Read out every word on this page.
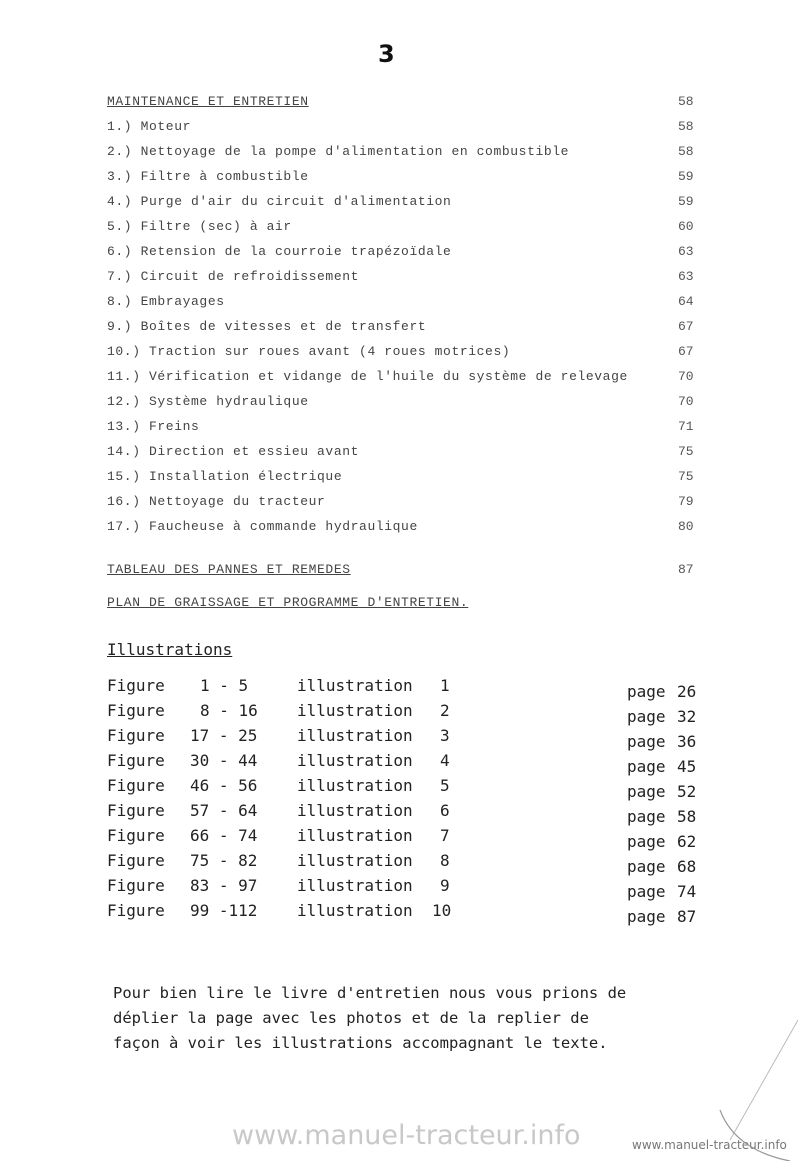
3
MAINTENANCE ET ENTRETIEN	58
1.) Moteur	58
2.) Nettoyage de la pompe d'alimentation en combustible	58
3.) Filtre à combustible	59
4.) Purge d'air du circuit d'alimentation	59
5.) Filtre (sec) à air	60
6.) Retension de la courroie trapézoïdale	63
7.) Circuit de refroidissement	63
8.) Embrayages	64
9.) Boîtes de vitesses et de transfert	67
10.) Traction sur roues avant (4 roues motrices)	67
11.) Vérification et vidange de l'huile du système de relevage	70
12.) Système hydraulique	70
13.) Freins	71
14.) Direction et essieu avant	75
15.) Installation électrique	75
16.) Nettoyage du tracteur	79
17.) Faucheuse à commande hydraulique	80
TABLEAU DES PANNES ET REMEDES	87
PLAN DE GRAISSAGE ET PROGRAMME D'ENTRETIEN.
Illustrations
Figure 1 - 5	illustration 1	page 26
Figure 8 - 16 illustration 2	page 32
Figure 17 - 25 illustration 3	page 36
Figure 30 - 44 illustration 4	page 45
Figure 46 - 56 illustration 5	page 52
Figure 57 - 64 illustration 6	page 58
Figure 66 - 74 illustration 7	page 62
Figure 75 - 82 illustration 8	page 68
Figure 83 - 97 illustration 9	page 74
Figure 99 -112 illustration 10	page 87
Pour bien lire le livre d'entretien nous vous prions de
déplier la page avec les photos et de la replier de
façon à voir les illustrations accompagnant le texte.
www.manuel-tracteur.info	www.manuel-tracteur.info
